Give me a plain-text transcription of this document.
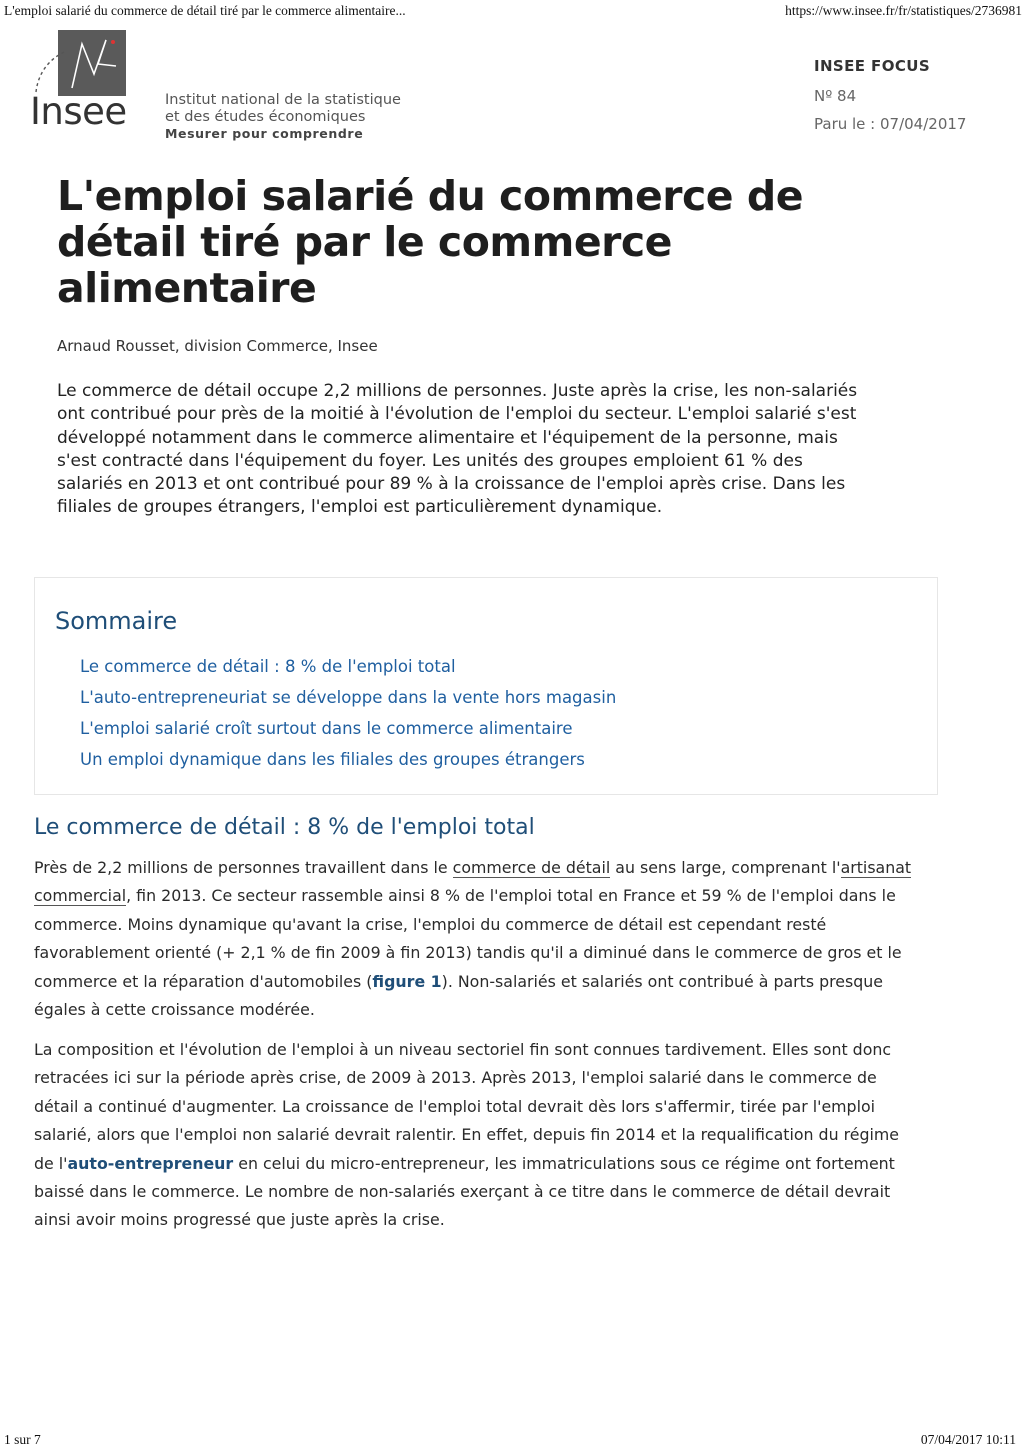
L'emploi salarié du commerce de détail tiré par le commerce alimentaire...	https://www.insee.fr/fr/statistiques/2736981
Insee	Institut national de la statistique
et des études économiques
Mesurer pour comprendre
INSEE FOCUS
Nº 84
Paru le : 07/04/2017
L'emploi salarié du commerce de détail tiré par le commerce alimentaire
Arnaud Rousset, division Commerce, Insee

Le commerce de détail occupe 2,2 millions de personnes. Juste après la crise, les non-salariés ont contribué pour près de la moitié à l'évolution de l'emploi du secteur. L'emploi salarié s'est développé notamment dans le commerce alimentaire et l'équipement de la personne, mais s'est contracté dans l'équipement du foyer. Les unités des groupes emploient 61 % des salariés en 2013 et ont contribué pour 89 % à la croissance de l'emploi après crise. Dans les filiales de groupes étrangers, l'emploi est particulièrement dynamique.

Sommaire
Le commerce de détail : 8 % de l'emploi total
L'auto-entrepreneuriat se développe dans la vente hors magasin
L'emploi salarié croît surtout dans le commerce alimentaire
Un emploi dynamique dans les filiales des groupes étrangers
Le commerce de détail : 8 % de l'emploi total

Près de 2,2 millions de personnes travaillent dans le commerce de détail au sens large, comprenant l'artisanat commercial, fin 2013. Ce secteur rassemble ainsi 8 % de l'emploi total en France et 59 % de l'emploi dans le commerce. Moins dynamique qu'avant la crise, l'emploi du commerce de détail est cependant resté favorablement orienté (+ 2,1 % de fin 2009 à fin 2013) tandis qu'il a diminué dans le commerce de gros et le commerce et la réparation d'automobiles (figure 1). Non-salariés et salariés ont contribué à parts presque égales à cette croissance modérée.

La composition et l'évolution de l'emploi à un niveau sectoriel fin sont connues tardivement. Elles sont donc retracées ici sur la période après crise, de 2009 à 2013. Après 2013, l'emploi salarié dans le commerce de détail a continué d'augmenter. La croissance de l'emploi total devrait dès lors s'affermir, tirée par l'emploi salarié, alors que l'emploi non salarié devrait ralentir. En effet, depuis fin 2014 et la requalification du régime de l'auto-entrepreneur en celui du micro-entrepreneur, les immatriculations sous ce régime ont fortement baissé dans le commerce. Le nombre de non-salariés exerçant à ce titre dans le commerce de détail devrait ainsi avoir moins progressé que juste après la crise.

1 sur 7	07/04/2017 10:11
